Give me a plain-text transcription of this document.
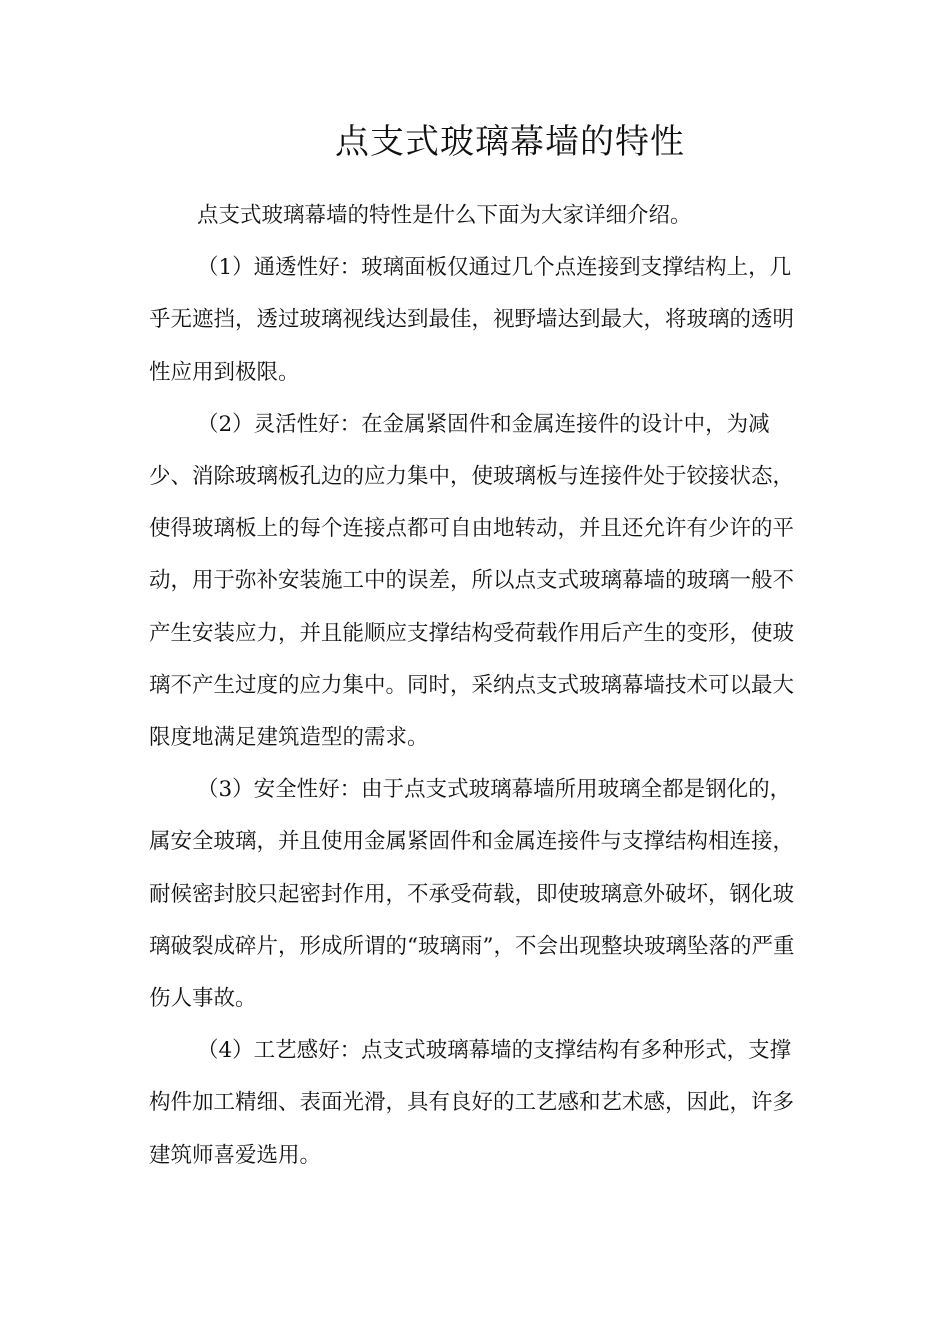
点支式玻璃幕墙的特性

点支式玻璃幕墙的特性是什么下面为大家详细介绍。

（1）通透性好：玻璃面板仅通过几个点连接到支撑结构上，几乎无遮挡，透过玻璃视线达到最佳，视野墙达到最大，将玻璃的透明性应用到极限。

（2）灵活性好：在金属紧固件和金属连接件的设计中，为减少、消除玻璃板孔边的应力集中，使玻璃板与连接件处于铰接状态，使得玻璃板上的每个连接点都可自由地转动，并且还允许有少许的平动，用于弥补安装施工中的误差，所以点支式玻璃幕墙的玻璃一般不产生安装应力，并且能顺应支撑结构受荷载作用后产生的变形，使玻璃不产生过度的应力集中。同时，采纳点支式玻璃幕墙技术可以最大限度地满足建筑造型的需求。

（3）安全性好：由于点支式玻璃幕墙所用玻璃全都是钢化的，属安全玻璃，并且使用金属紧固件和金属连接件与支撑结构相连接，耐候密封胶只起密封作用，不承受荷载，即使玻璃意外破坏，钢化玻璃破裂成碎片，形成所谓的“玻璃雨”，不会出现整块玻璃坠落的严重伤人事故。

（4）工艺感好：点支式玻璃幕墙的支撑结构有多种形式，支撑构件加工精细、表面光滑，具有良好的工艺感和艺术感，因此，许多建筑师喜爱选用。
